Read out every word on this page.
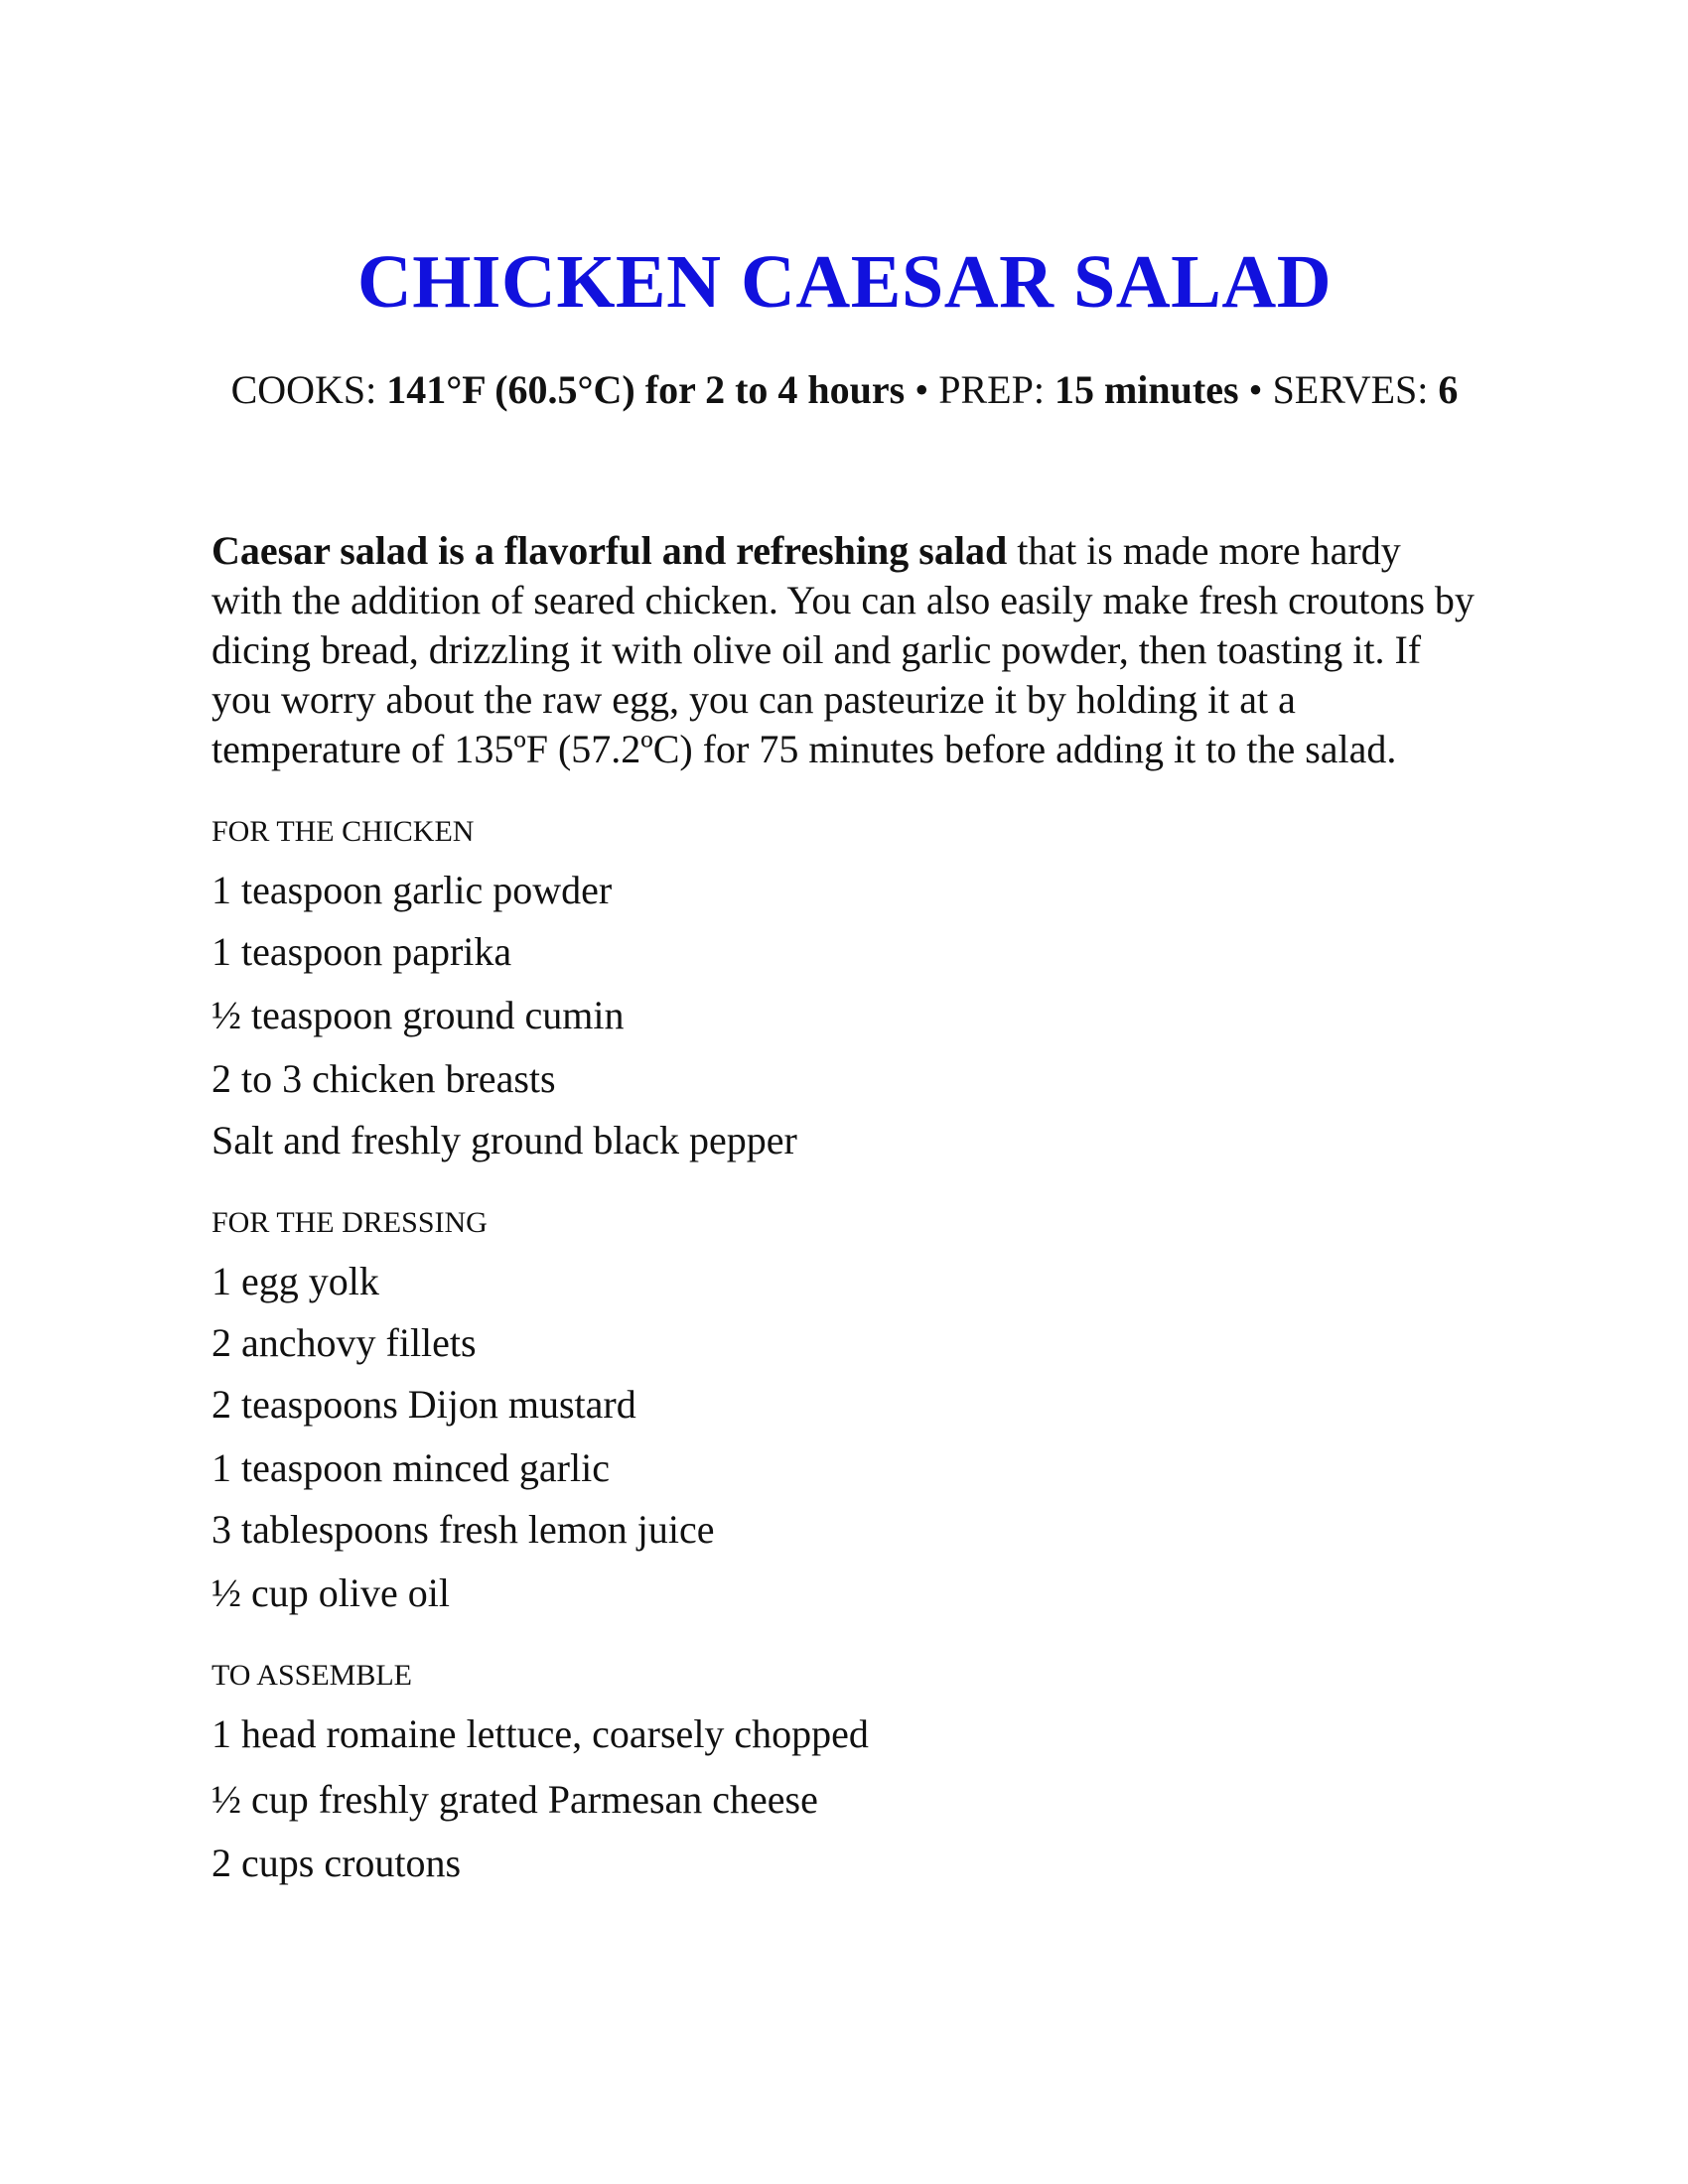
CHICKEN CAESAR SALAD

COOKS: 141°F (60.5°C) for 2 to 4 hours • PREP: 15 minutes • SERVES: 6

Caesar salad is a flavorful and refreshing salad that is made more hardy with the addition of seared chicken. You can also easily make fresh croutons by dicing bread, drizzling it with olive oil and garlic powder, then toasting it. If you worry about the raw egg, you can pasteurize it by holding it at a temperature of 135ºF (57.2ºC) for 75 minutes before adding it to the salad.

FOR THE CHICKEN

1 teaspoon garlic powder

1 teaspoon paprika

½ teaspoon ground cumin

2 to 3 chicken breasts

Salt and freshly ground black pepper

FOR THE DRESSING

1 egg yolk

2 anchovy fillets

2 teaspoons Dijon mustard

1 teaspoon minced garlic

3 tablespoons fresh lemon juice

½ cup olive oil

TO ASSEMBLE

1 head romaine lettuce, coarsely chopped

½ cup freshly grated Parmesan cheese

2 cups croutons
